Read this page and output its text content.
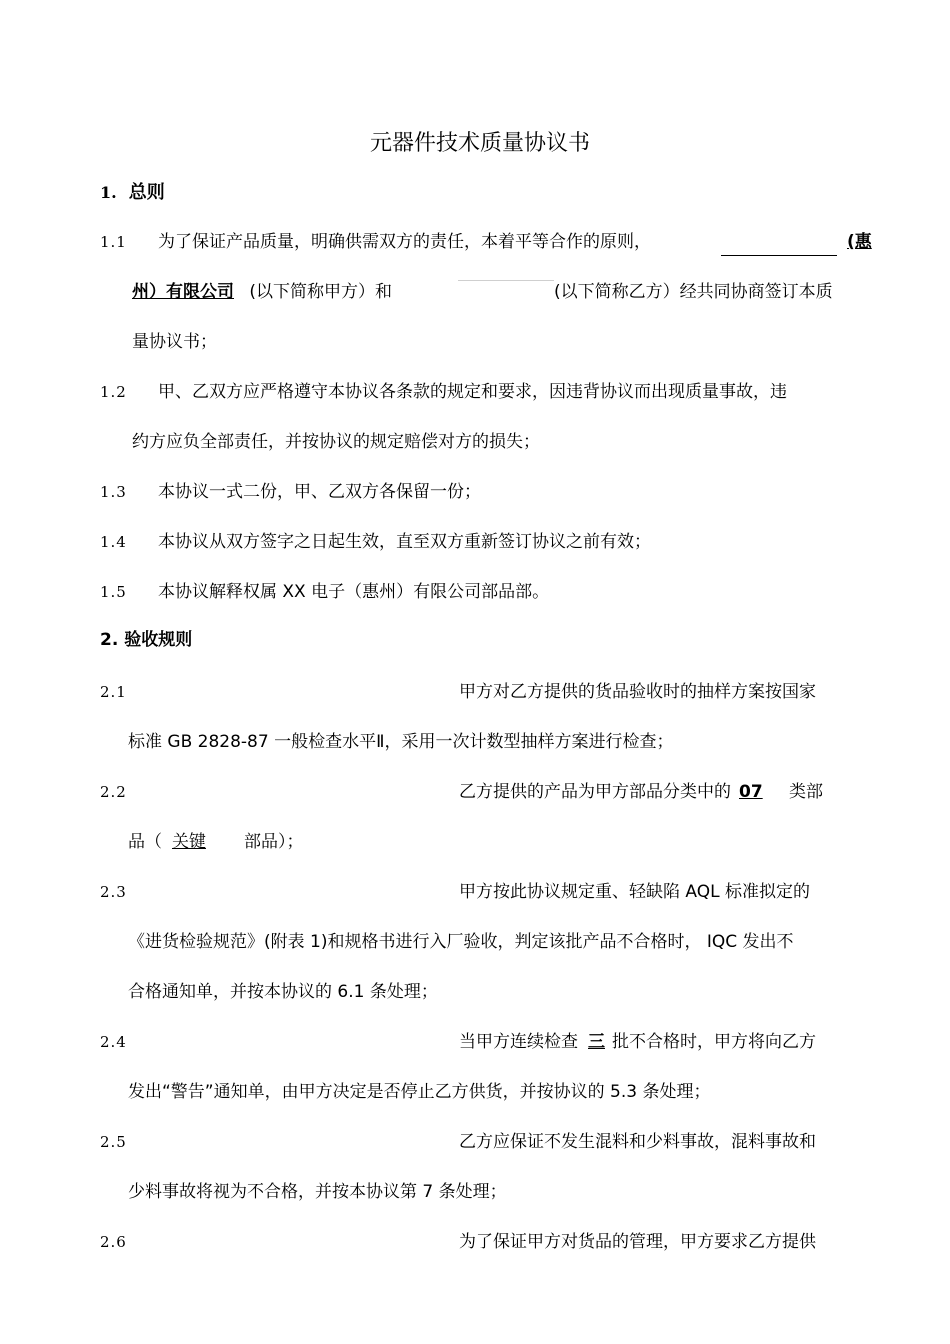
元器件技术质量协议书
1. 总则
1.1 为了保证产品质量，明确供需双方的责任，本着平等合作的原则，	(惠
州）有限公司 (以下简称甲方）和	(以下简称乙方）经共同协商签订本质
量协议书；
1.2 甲、乙双方应严格遵守本协议各条款的规定和要求，因违背协议而出现质量事故，违
约方应负全部责任，并按协议的规定赔偿对方的损失；
1.3 本协议一式二份，甲、乙双方各保留一份；
1.4 本协议从双方签字之日起生效，直至双方重新签订协议之前有效；
1.5 本协议解释权属 XX 电子（惠州）有限公司部品部。
2. 验收规则
2.1	甲方对乙方提供的货品验收时的抽样方案按国家
标准 GB 2828-87 一般检查水平Ⅱ，采用一次计数型抽样方案进行检查；
2.2	乙方提供的产品为甲方部品分类中的 07 类部
品（ 关键 部品）；
2.3	甲方按此协议规定重、轻缺陷 AQL 标准拟定的
《进货检验规范》(附表 1)和规格书进行入厂验收，判定该批产品不合格时， IQC 发出不
合格通知单，并按本协议的 6.1 条处理；
2.4	当甲方连续检查 三 批不合格时，甲方将向乙方
发出“警告”通知单，由甲方决定是否停止乙方供货，并按协议的 5.3 条处理；
2.5	乙方应保证不发生混料和少料事故，混料事故和
少料事故将视为不合格，并按本协议第 7 条处理；
2.6	为了保证甲方对货品的管理，甲方要求乙方提供
